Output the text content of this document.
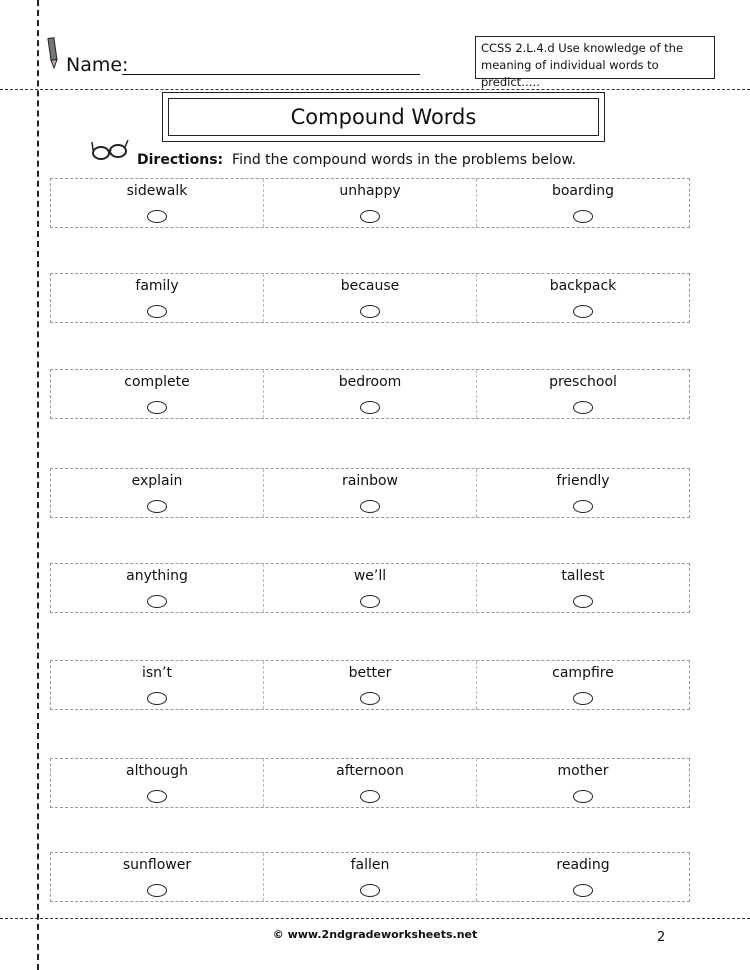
Name:
CCSS 2.L.4.d Use knowledge of the
meaning of individual words to predict…..
Compound Words
Directions: Find the compound words in the problems below.
sidewalk	unhappy	boarding
family	because	backpack
complete	bedroom	preschool
explain	rainbow	friendly
anything	we’ll	tallest
isn’t	better	campfire
although	afternoon	mother
sunflower	fallen	reading
© www.2ndgradeworksheets.net	2
